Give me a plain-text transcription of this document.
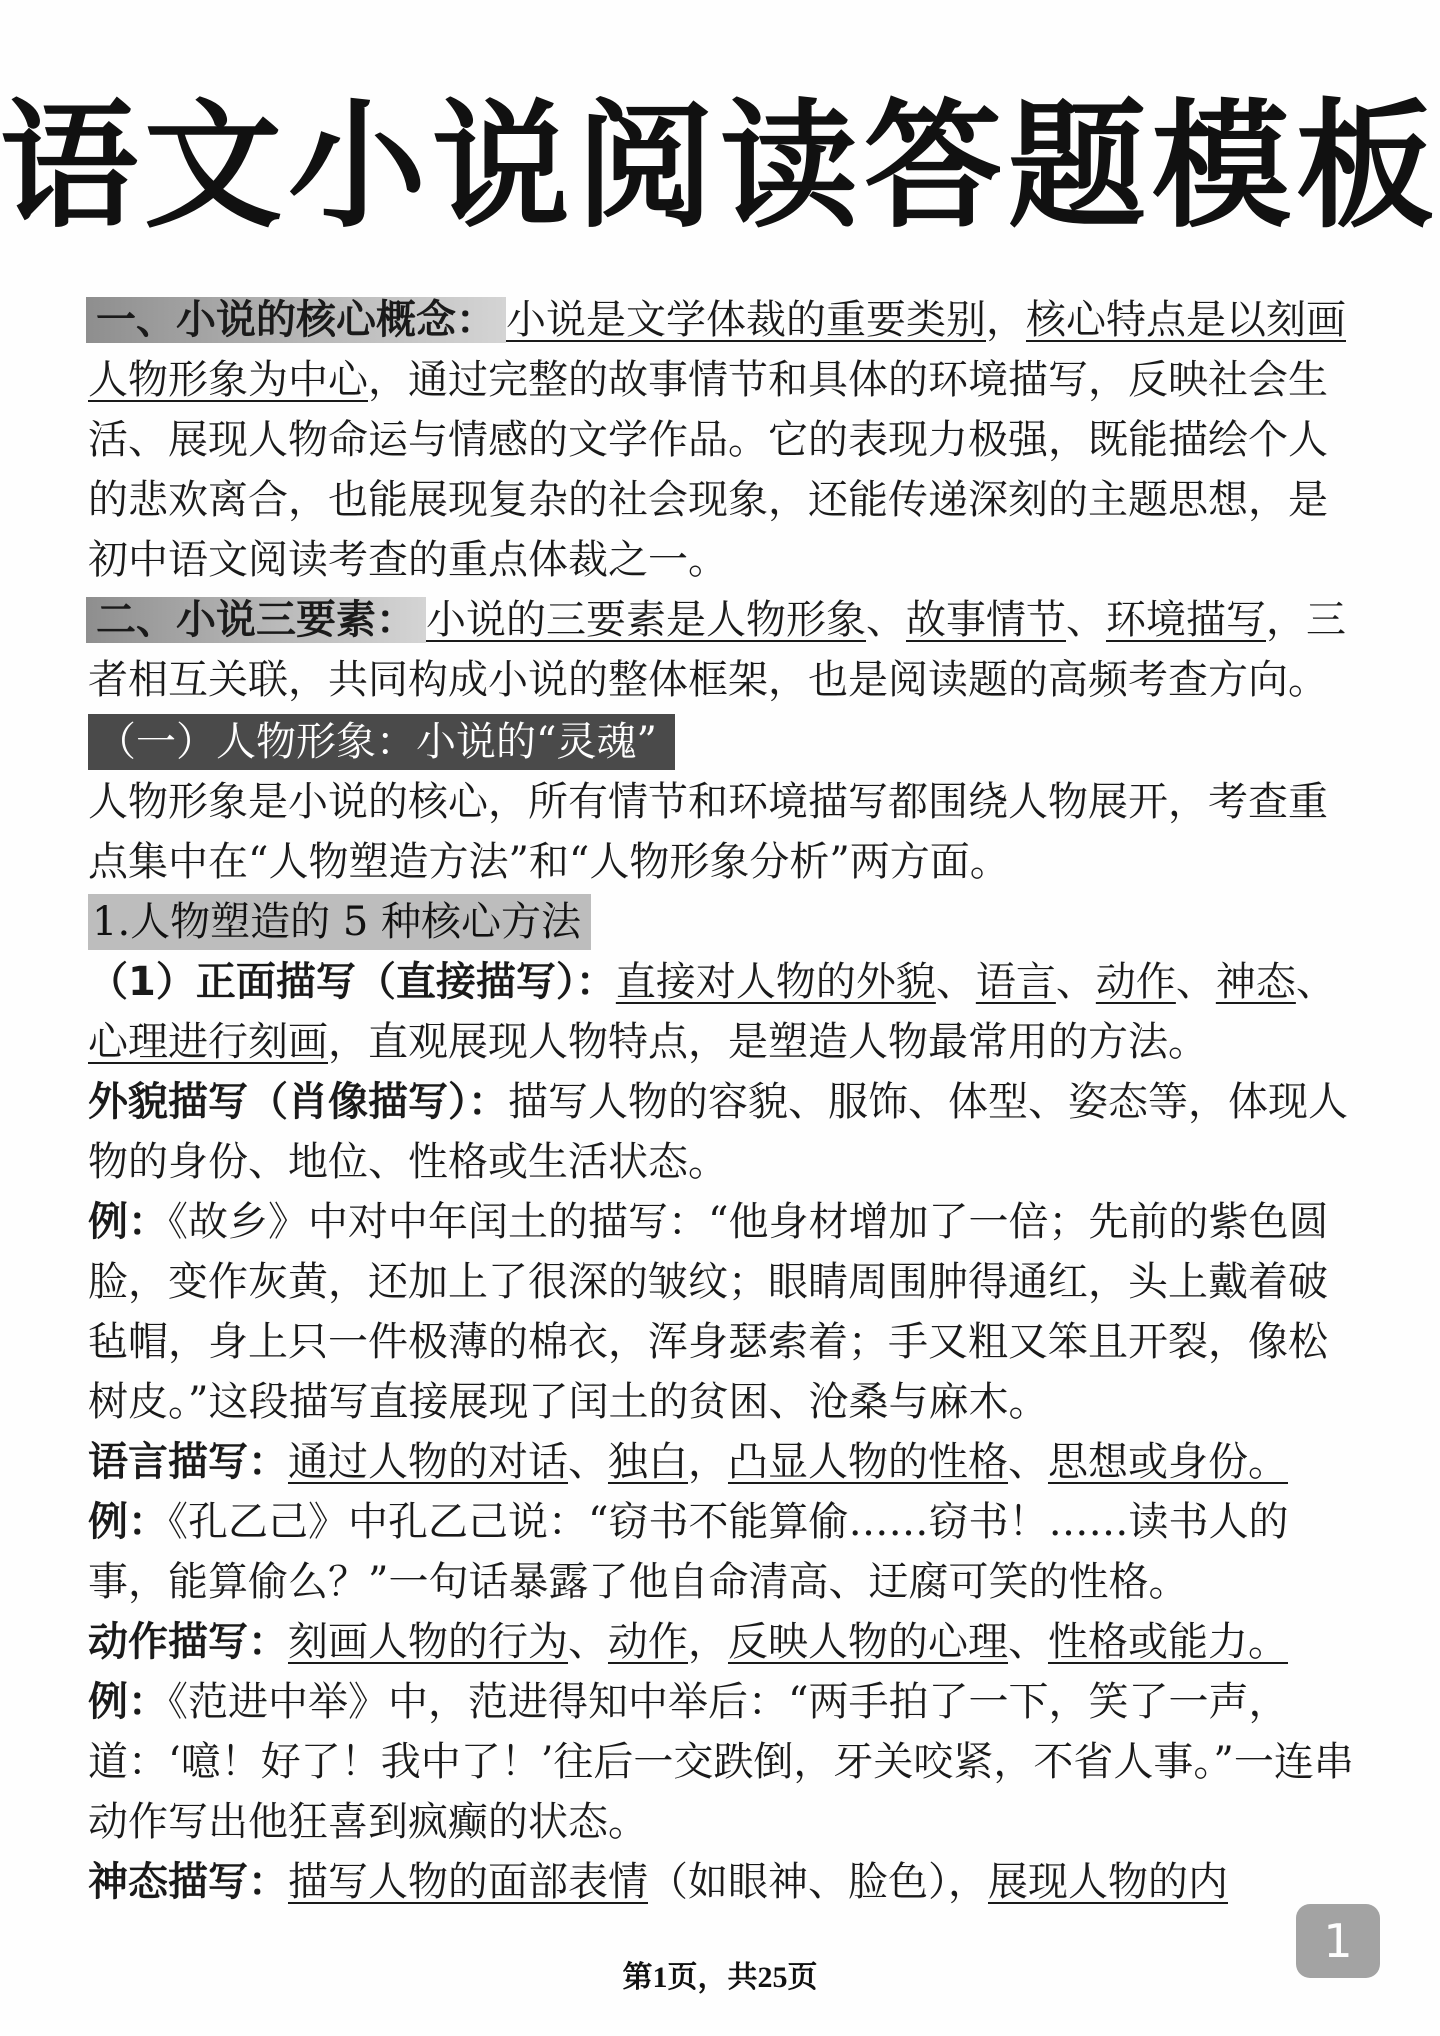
语文小说阅读答题模板

一、小说的核心概念： 小说是文学体裁的重要类别，核心特点是以刻画人物形象为中心，通过完整的故事情节和具体的环境描写，反映社会生活、展现人物命运与情感的文学作品。它的表现力极强，既能描绘个人的悲欢离合，也能展现复杂的社会现象，还能传递深刻的主题思想，是初中语文阅读考查的重点体裁之一。

二、小说三要素： 小说的三要素是人物形象、故事情节、环境描写，三者相互关联，共同构成小说的整体框架，也是阅读题的高频考查方向。

（一）人物形象：小说的“灵魂”

人物形象是小说的核心，所有情节和环境描写都围绕人物展开，考查重点集中在“人物塑造方法”和“人物形象分析”两方面。

1.人物塑造的 5 种核心方法

（1）正面描写（直接描写）：直接对人物的外貌、语言、动作、神态、心理进行刻画，直观展现人物特点，是塑造人物最常用的方法。

外貌描写（肖像描写）：描写人物的容貌、服饰、体型、姿态等，体现人物的身份、地位、性格或生活状态。

例：《故乡》中对中年闰土的描写：“他身材增加了一倍；先前的紫色圆脸，变作灰黄，还加上了很深的皱纹；眼睛周围肿得通红，头上戴着破毡帽，身上只一件极薄的棉衣，浑身瑟索着；手又粗又笨且开裂，像松树皮。”这段描写直接展现了闰土的贫困、沧桑与麻木。

语言描写：通过人物的对话、独白，凸显人物的性格、思想或身份。

例：《孔乙己》中孔乙己说：“窃书不能算偷……窃书！……读书人的事，能算偷么？”一句话暴露了他自命清高、迂腐可笑的性格。

动作描写：刻画人物的行为、动作，反映人物的心理、性格或能力。

例：《范进中举》中，范进得知中举后：“两手拍了一下，笑了一声，道：‘噫！好了！我中了！’往后一交跌倒，牙关咬紧，不省人事。”一连串动作写出他狂喜到疯癫的状态。

神态描写：描写人物的面部表情（如眼神、脸色），展现人物的内

1
第1页，共25页
